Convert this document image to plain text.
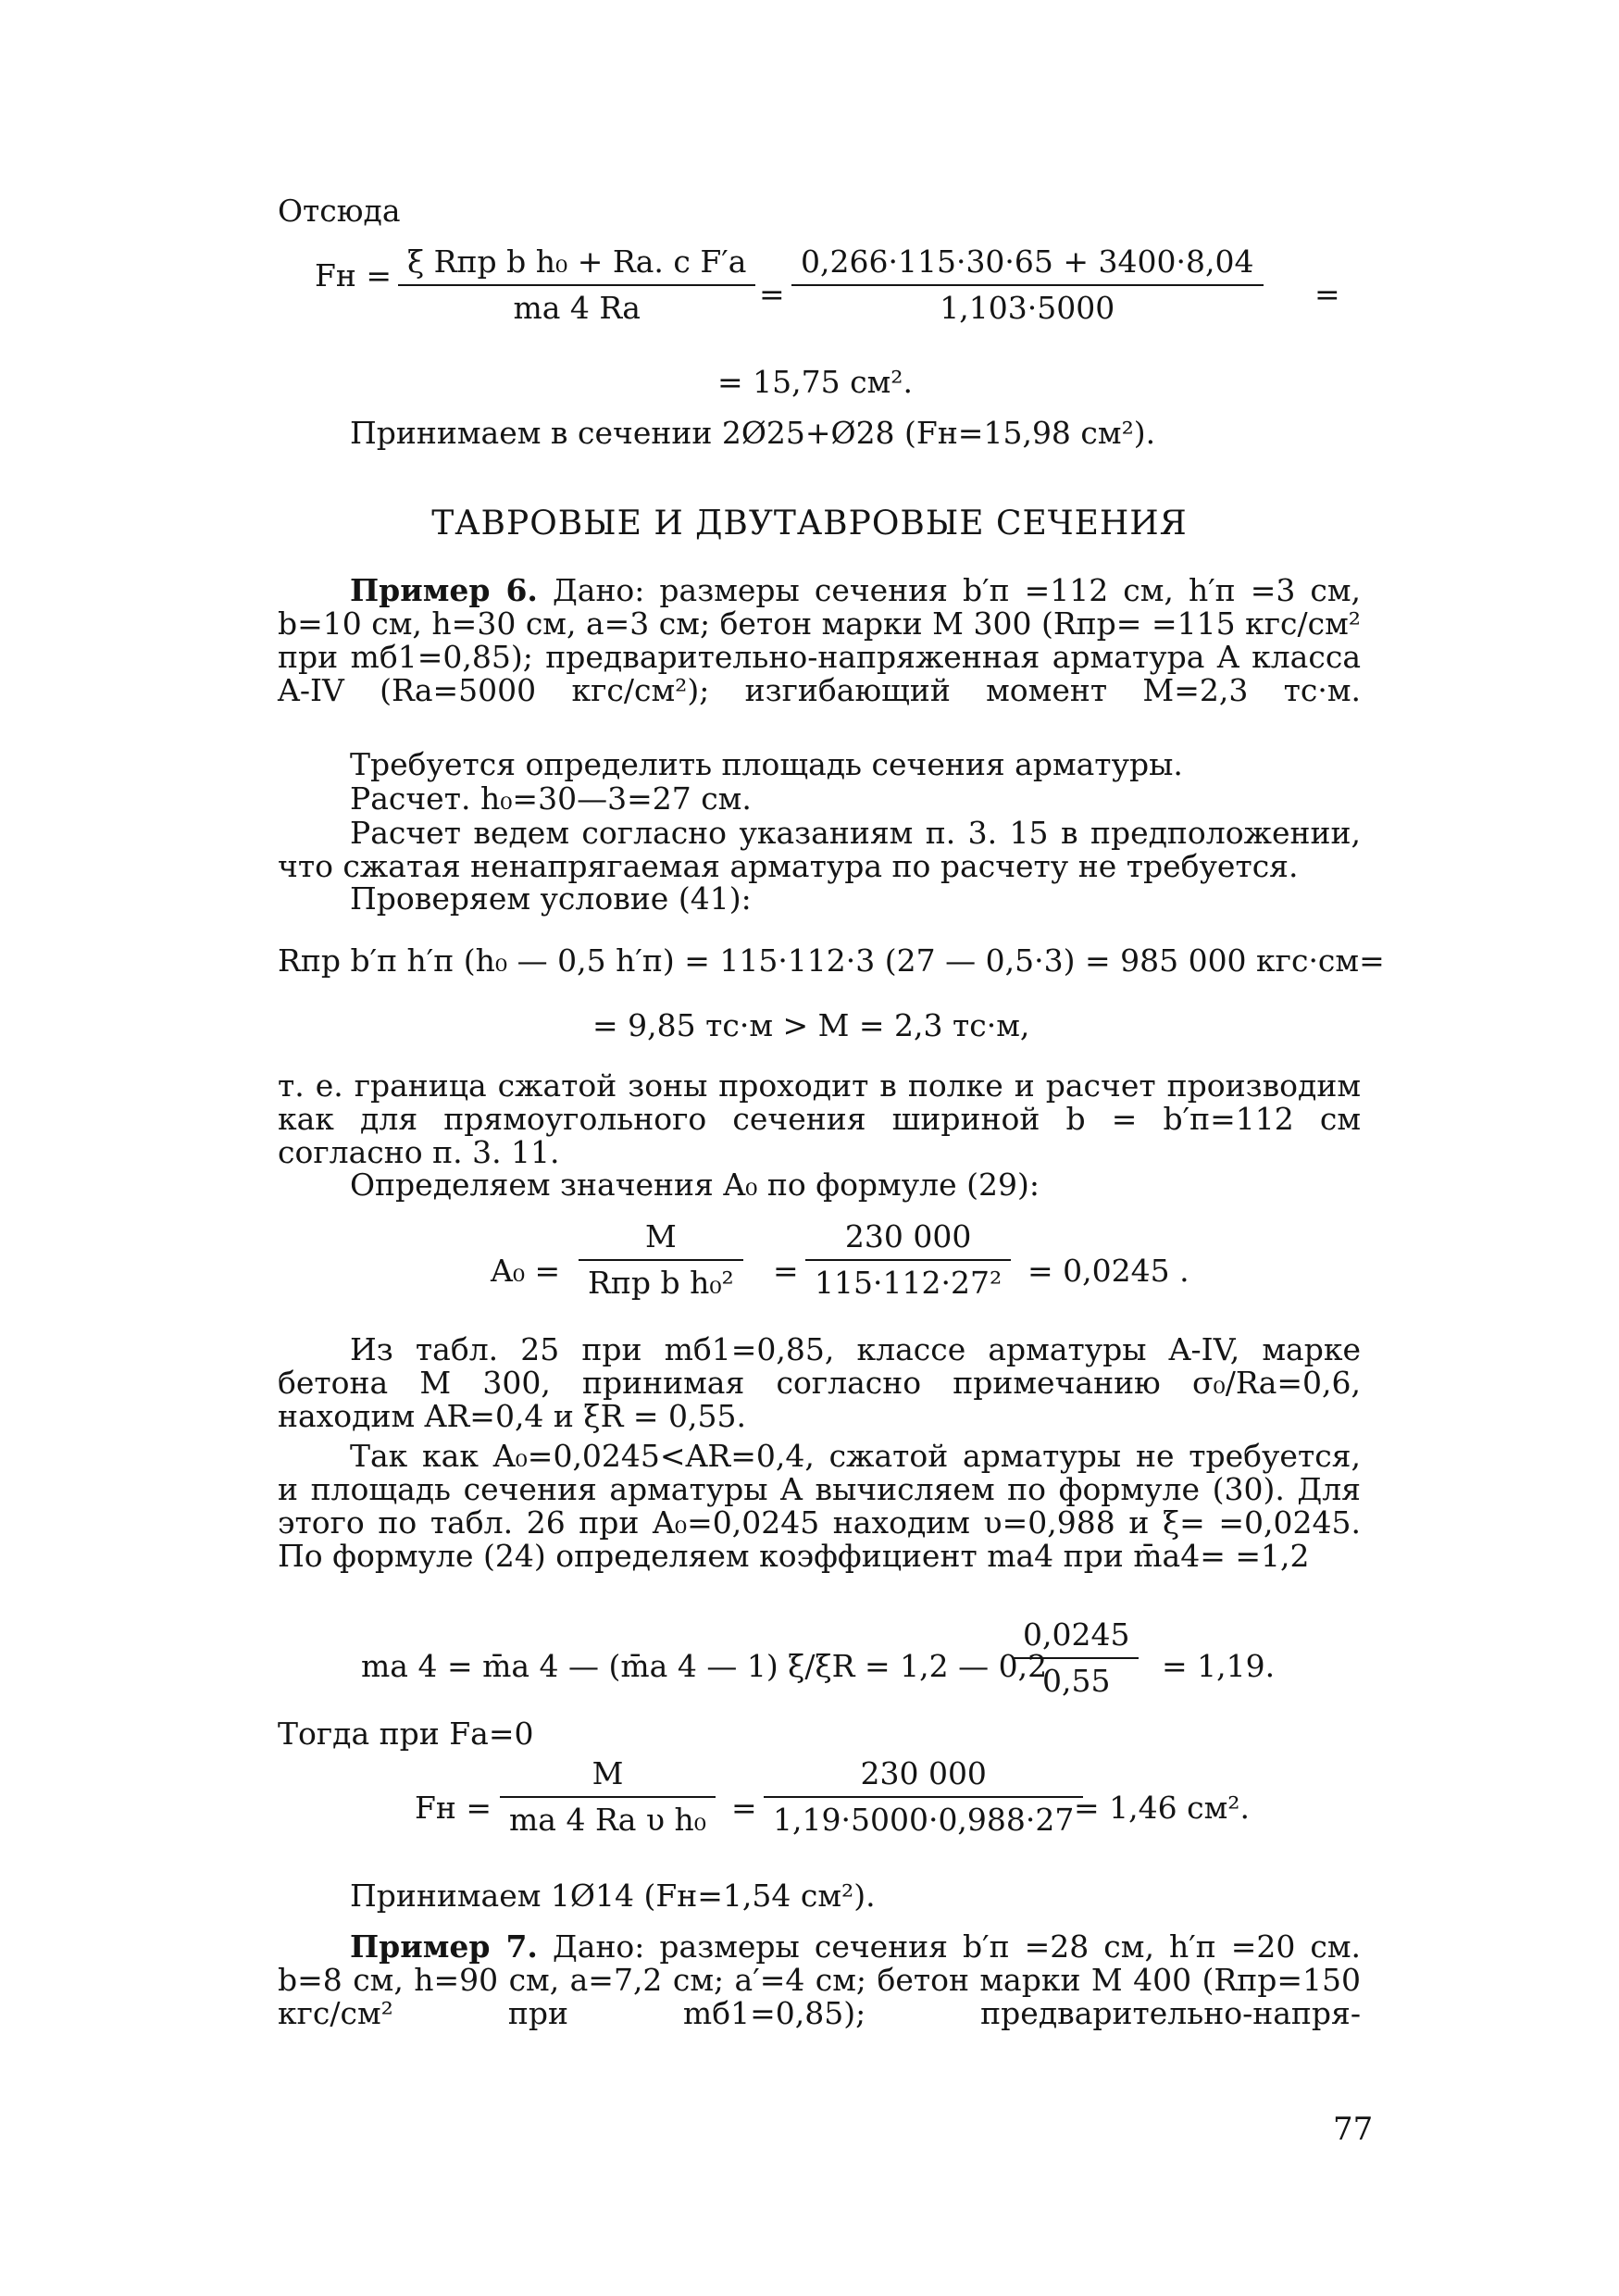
Отсюда
Fн = $\frac{\text{ξ Rпр b h₀ + Rа. с F′а}}{mа 4 Rа} = \frac{0,266\cdot 115\cdot 30\cdot 65 + 3400\cdot 8,04}{1,103\cdot 5000}$ =
= 15,75 см².
Принимаем в сечении 2Ø25+Ø28 (Fн=15,98 см²).
ТАВРОВЫЕ И ДВУТАВРОВЫЕ СЕЧЕНИЯ
Пример 6. Дано: размеры сечения b′п =112 см, h′п =3 см, b=10 см, h=30 см, a=3 см; бетон марки М 300 (Rпр= =115 кгс/см² при mб1=0,85); предварительно-напряженная арматура A класса A-IV (Rа=5000 кгс/см²); изгибающий момент M=2,3 тс·м.
Требуется определить площадь сечения арматуры.
Расчет. h₀=30—3=27 см.
Расчет ведем согласно указаниям п. 3. 15 в предположении, что сжатая ненапрягаемая арматура по расчету не требуется.
Проверяем условие (41):
Rпр b′п h′п (h₀ — 0,5 h′п) = 115·112·3 (27 — 0,5·3) = 985 000 кгс·см=
= 9,85 тс·м > M = 2,3 тс·м,
т. е. граница сжатой зоны проходит в полке и расчет производим как для прямоугольного сечения шириной b = b′п=112 см согласно п. 3. 11.
Определяем значения A₀ по формуле (29):
$A_0 = \frac{M}{\text{Rпр b h₀²}} = \frac{230 000}{\text{115·112·27²}} = 0,0245$ .
Из табл. 25 при mб1=0,85, классе арматуры A-IV, марке бетона М 300, принимая согласно примечанию σ₀/Rа=0,6, находим AR=0,4 и ξR = 0,55.
Так как A₀=0,0245<AR=0,4, сжатой арматуры не требуется, и площадь сечения арматуры A вычисляем по формуле (30). Для этого по табл. 26 при A₀=0,0245 находим υ=0,988 и ξ= =0,0245. По формуле (24) определяем коэффициент mа4 при m̄а4= =1,2
mа 4 = m̄а 4 — (m̄а 4 — 1) ξ/ξR = 1,2 — 0,2
$\frac{0,0245}{0,55} = 1,19$.
Тогда при Fа=0
Fн = $\frac{M}{\text{mа 4 Rа υ h₀}} = \frac{230 000}{1,19\cdot 5000\cdot 0,988\cdot 27}$
= 1,46 см².
Принимаем 1Ø14 (Fн=1,54 см²).
Пример 7. Дано: размеры сечения b′п =28 см, h′п =20 см. b=8 см, h=90 см, a=7,2 см; a′=4 см; бетон марки М 400 (Rпр=150 кгс/см² при mб1=0,85); предварительно-напря-
77
